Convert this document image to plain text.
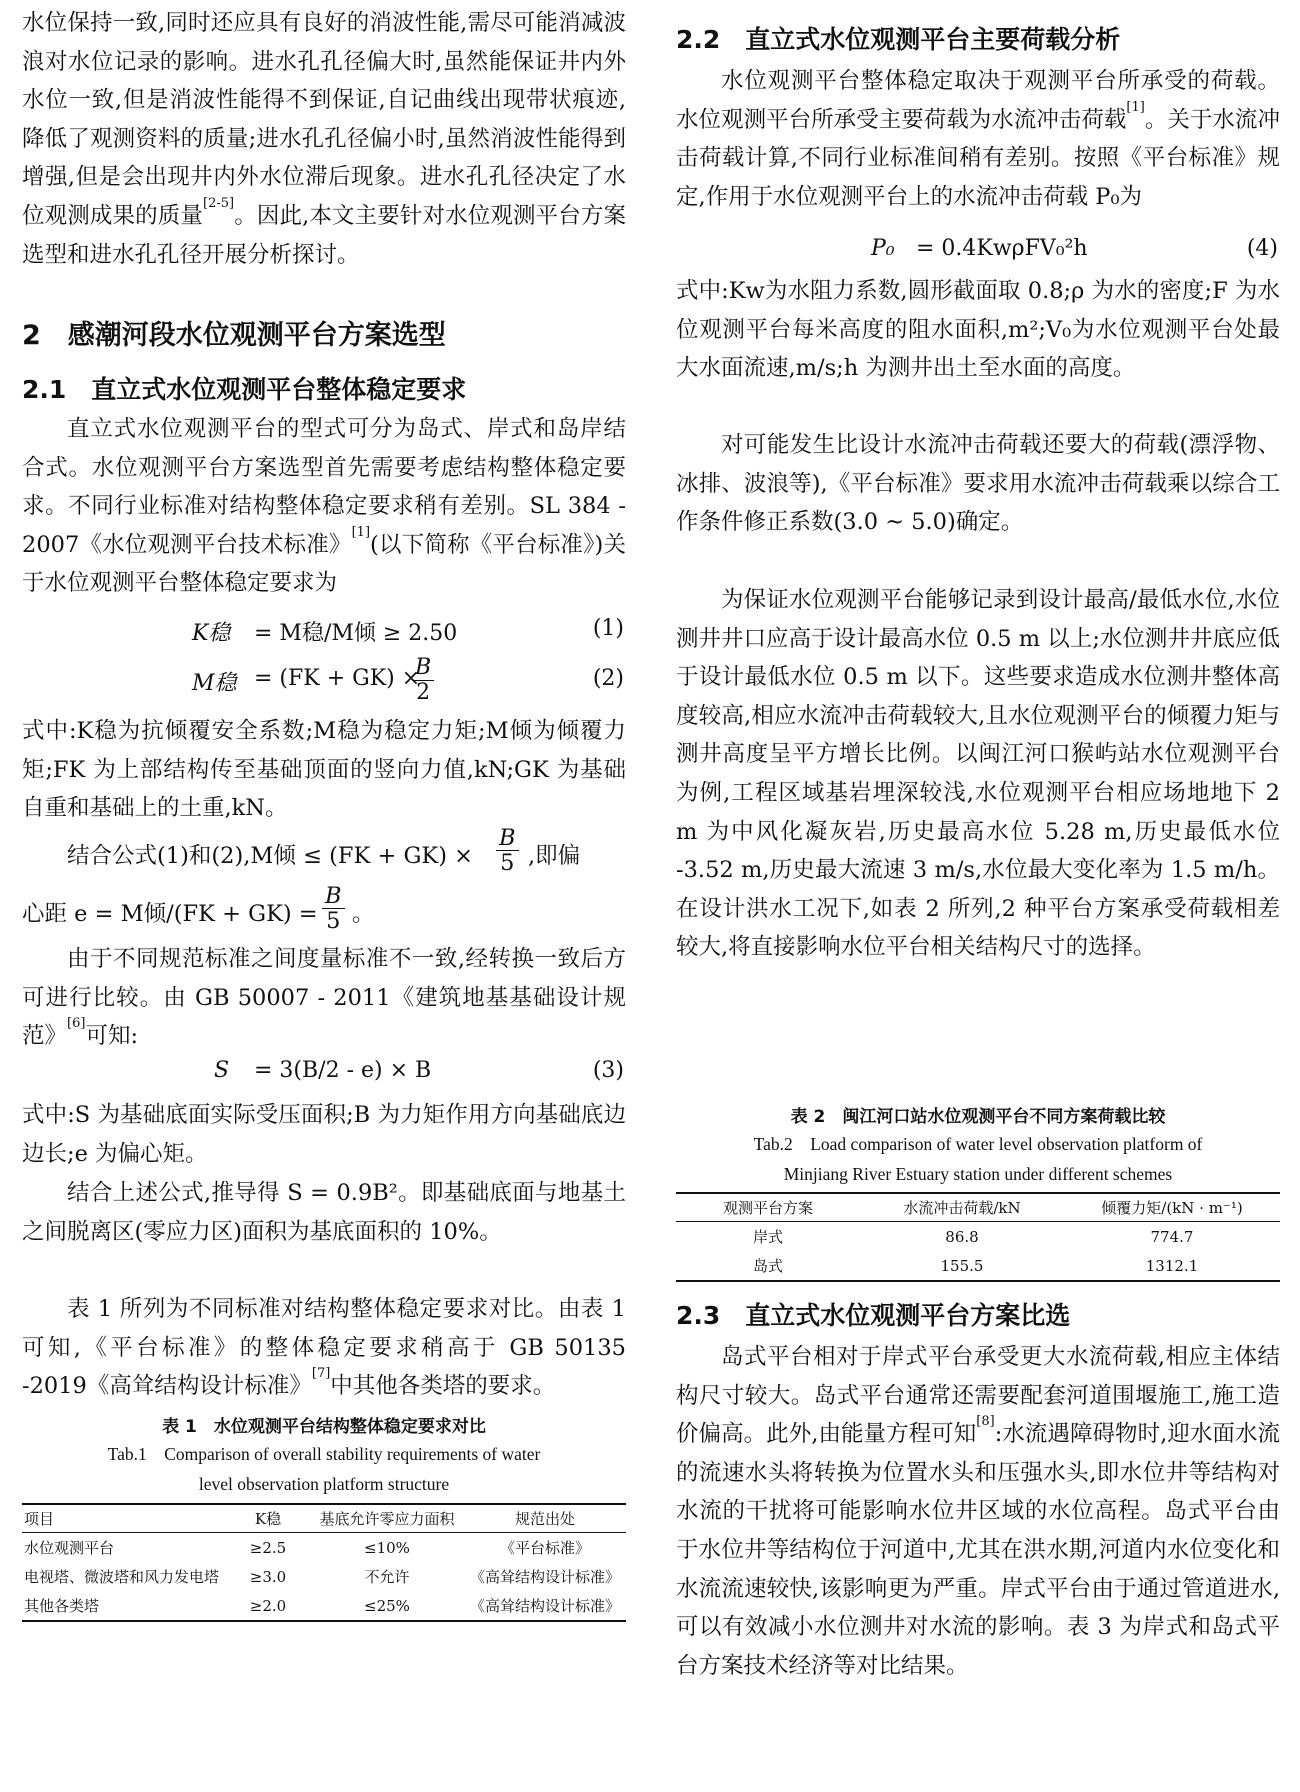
水位保持一致,同时还应具有良好的消波性能,需尽可能消减波浪对水位记录的影响。进水孔孔径偏大时,虽然能保证井内外水位一致,但是消波性能得不到保证,自记曲线出现带状痕迹,降低了观测资料的质量;进水孔孔径偏小时,虽然消波性能得到增强,但是会出现井内外水位滞后现象。进水孔孔径决定了水位观测成果的质量[2-5]。因此,本文主要针对水位观测平台方案选型和进水孔孔径开展分析探讨。

2　感潮河段水位观测平台方案选型
2.1　直立式水位观测平台整体稳定要求

直立式水位观测平台的型式可分为岛式、岸式和岛岸结合式。水位观测平台方案选型首先需要考虑结构整体稳定要求。不同行业标准对结构整体稳定要求稍有差别。SL 384 - 2007《水位观测平台技术标准》[1](以下简称《平台标准》)关于水位观测平台整体稳定要求为

K稳 = M稳/M倾 ≥ 2.50	(1)
M稳 = (FK + GK) ×
$\frac{B}{2}$	(2)

式中:K稳为抗倾覆安全系数;M稳为稳定力矩;M倾为倾覆力矩;FK 为上部结构传至基础顶面的竖向力值,kN;GK 为基础自重和基础上的土重,kN。

结合公式(1)和(2),M倾 ≤ $(FK + GK) \times \frac{B}{5}$ ,即偏
心距 e = M倾$/(FK + GK) = \frac{B}{5}$ 。

由于不同规范标准之间度量标准不一致,经转换一致后方可进行比较。由 GB 50007 - 2011《建筑地基基础设计规范》[6]可知:

S = 3(B/2 - e) × B	(3)

式中:S 为基础底面实际受压面积;B 为力矩作用方向基础底边边长;e 为偏心矩。

结合上述公式,推导得 S = 0.9B²。即基础底面与地基土之间脱离区(零应力区)面积为基底面积的 10%。

表 1 所列为不同标准对结构整体稳定要求对比。由表 1 可知,《平台标准》的整体稳定要求稍高于 GB 50135 -2019《高耸结构设计标准》[7]中其他各类塔的要求。

表 1　水位观测平台结构整体稳定要求对比
Tab.1　Comparison of overall stability requirements of water
level observation platform structure
项目	K稳	基底允许零应力面积	规范出处
水位观测平台	≥2.5	≤10%	《平台标准》
电视塔、微波塔和风力发电塔	≥3.0	不允许	《高耸结构设计标准》
其他各类塔	≥2.0	≤25%	《高耸结构设计标准》
2.2　直立式水位观测平台主要荷载分析

水位观测平台整体稳定取决于观测平台所承受的荷载。水位观测平台所承受主要荷载为水流冲击荷载[1]。关于水流冲击荷载计算,不同行业标准间稍有差别。按照《平台标准》规定,作用于水位观测平台上的水流冲击荷载 P₀为

P₀ = 0.4KwρFV₀²h	(4)

式中:Kw为水阻力系数,圆形截面取 0.8;ρ 为水的密度;F 为水位观测平台每米高度的阻水面积,m²;V₀为水位观测平台处最大水面流速,m/s;h 为测井出土至水面的高度。

对可能发生比设计水流冲击荷载还要大的荷载(漂浮物、冰排、波浪等),《平台标准》要求用水流冲击荷载乘以综合工作条件修正系数(3.0 ~ 5.0)确定。

为保证水位观测平台能够记录到设计最高/最低水位,水位测井井口应高于设计最高水位 0.5 m 以上;水位测井井底应低于设计最低水位 0.5 m 以下。这些要求造成水位测井整体高度较高,相应水流冲击荷载较大,且水位观测平台的倾覆力矩与测井高度呈平方增长比例。以闽江河口猴屿站水位观测平台为例,工程区域基岩埋深较浅,水位观测平台相应场地地下 2 m 为中风化凝灰岩,历史最高水位 5.28 m,历史最低水位 -3.52 m,历史最大流速 3 m/s,水位最大变化率为 1.5 m/h。在设计洪水工况下,如表 2 所列,2 种平台方案承受荷载相差较大,将直接影响水位平台相关结构尺寸的选择。

表 2　闽江河口站水位观测平台不同方案荷载比较
Tab.2　Load comparison of water level observation platform of
Minjiang River Estuary station under different schemes
观测平台方案	水流冲击荷载/kN	倾覆力矩/(kN · m⁻¹)
岸式	86.8	774.7
岛式	155.5	1312.1
2.3　直立式水位观测平台方案比选

岛式平台相对于岸式平台承受更大水流荷载,相应主体结构尺寸较大。岛式平台通常还需要配套河道围堰施工,施工造价偏高。此外,由能量方程可知[8]:水流遇障碍物时,迎水面水流的流速水头将转换为位置水头和压强水头,即水位井等结构对水流的干扰将可能影响水位井区域的水位高程。岛式平台由于水位井等结构位于河道中,尤其在洪水期,河道内水位变化和水流流速较快,该影响更为严重。岸式平台由于通过管道进水,可以有效减小水位测井对水流的影响。表 3 为岸式和岛式平台方案技术经济等对比结果。
